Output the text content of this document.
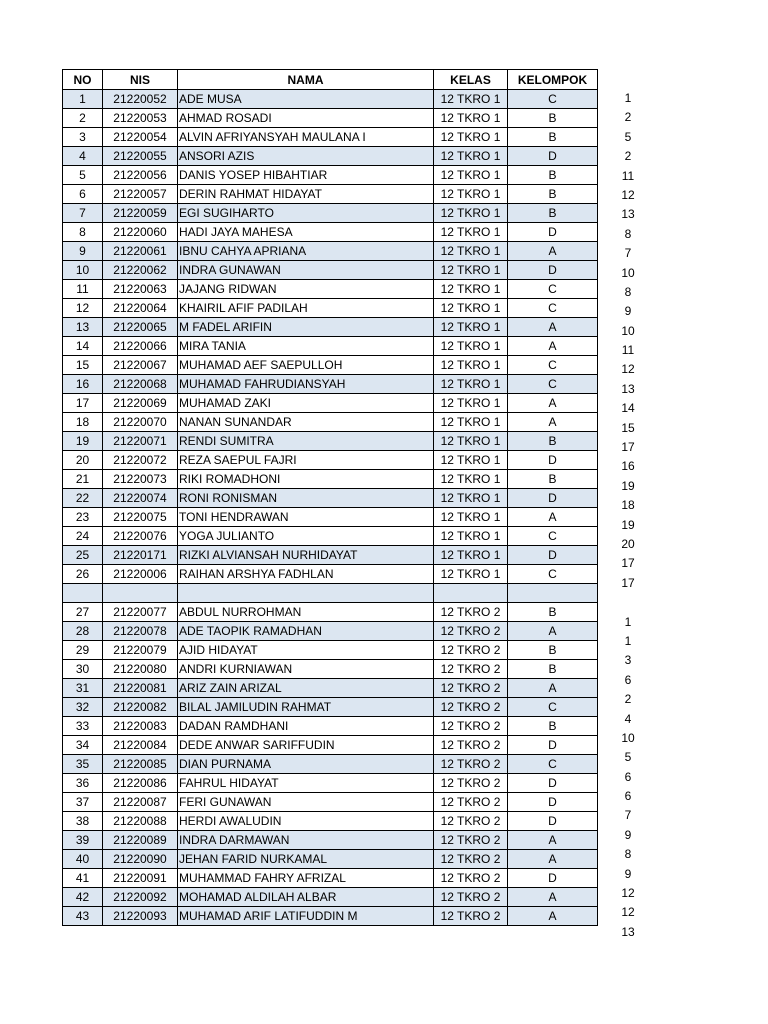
NO	NIS	NAMA	KELAS	KELOMPOK
1	21220052	ADE MUSA	12 TKRO 1	C
2	21220053	AHMAD ROSADI	12 TKRO 1	B
3	21220054	ALVIN AFRIYANSYAH MAULANA I	12 TKRO 1	B
4	21220055	ANSORI AZIS	12 TKRO 1	D
5	21220056	DANIS YOSEP HIBAHTIAR	12 TKRO 1	B
6	21220057	DERIN RAHMAT HIDAYAT	12 TKRO 1	B
7	21220059	EGI SUGIHARTO	12 TKRO 1	B
8	21220060	HADI JAYA MAHESA	12 TKRO 1	D
9	21220061	IBNU CAHYA APRIANA	12 TKRO 1	A
10	21220062	INDRA GUNAWAN	12 TKRO 1	D
11	21220063	JAJANG RIDWAN	12 TKRO 1	C
12	21220064	KHAIRIL AFIF PADILAH	12 TKRO 1	C
13	21220065	M FADEL ARIFIN	12 TKRO 1	A
14	21220066	MIRA TANIA	12 TKRO 1	A
15	21220067	MUHAMAD AEF SAEPULLOH	12 TKRO 1	C
16	21220068	MUHAMAD FAHRUDIANSYAH	12 TKRO 1	C
17	21220069	MUHAMAD ZAKI	12 TKRO 1	A
18	21220070	NANAN SUNANDAR	12 TKRO 1	A
19	21220071	RENDI SUMITRA	12 TKRO 1	B
20	21220072	REZA SAEPUL FAJRI	12 TKRO 1	D
21	21220073	RIKI ROMADHONI	12 TKRO 1	B
22	21220074	RONI RONISMAN	12 TKRO 1	D
23	21220075	TONI HENDRAWAN	12 TKRO 1	A
24	21220076	YOGA JULIANTO	12 TKRO 1	C
25	21220171	RIZKI ALVIANSAH NURHIDAYAT	12 TKRO 1	D
26	21220006	RAIHAN ARSHYA FADHLAN	12 TKRO 1	C

27	21220077	ABDUL NURROHMAN	12 TKRO 2	B
28	21220078	ADE TAOPIK RAMADHAN	12 TKRO 2	A
29	21220079	AJID HIDAYAT	12 TKRO 2	B
30	21220080	ANDRI KURNIAWAN	12 TKRO 2	B
31	21220081	ARIZ ZAIN ARIZAL	12 TKRO 2	A
32	21220082	BILAL JAMILUDIN RAHMAT	12 TKRO 2	C
33	21220083	DADAN RAMDHANI	12 TKRO 2	B
34	21220084	DEDE ANWAR SARIFFUDIN	12 TKRO 2	D
35	21220085	DIAN PURNAMA	12 TKRO 2	C
36	21220086	FAHRUL HIDAYAT	12 TKRO 2	D
37	21220087	FERI GUNAWAN	12 TKRO 2	D
38	21220088	HERDI AWALUDIN	12 TKRO 2	D
39	21220089	INDRA DARMAWAN	12 TKRO 2	A
40	21220090	JEHAN FARID NURKAMAL	12 TKRO 2	A
41	21220091	MUHAMMAD FAHRY AFRIZAL	12 TKRO 2	D
42	21220092	MOHAMAD ALDILAH ALBAR	12 TKRO 2	A
43	21220093	MUHAMAD ARIF LATIFUDDIN M	12 TKRO 2	A
1
2
5
2
11
12
13
8
7
10
8
9
10
11
12
13
14
15
17
16
19
18
19
20
17
17
1
1
3
6
2
4
10
5
6
6
7
9
8
9
12
12
13
